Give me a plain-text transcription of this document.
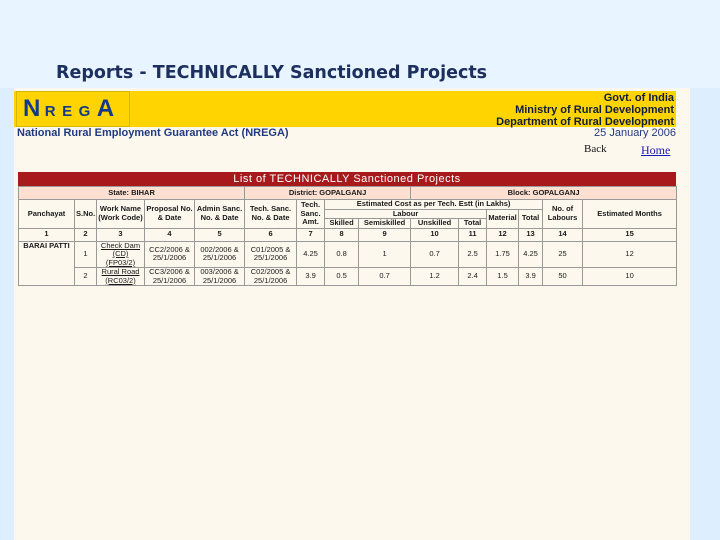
Reports - TECHNICALLY Sanctioned Projects
N R E G A	Govt. of India
Ministry of Rural Development
Department of Rural Development
National Rural Employment Guarantee Act (NREGA)	25 January 2006
Back	Home
List of TECHNICALLY Sanctioned Projects
State: BIHAR					District: GOPALGANJ				Block: GOPALGANJ					
Panchayat	S.No.	Work Name (Work Code)	Proposal No. & Date	Admin Sanc. No. & Date	Tech. Sanc. No. & Date	Tech. Sanc. Amt.	Estimated Cost as per Tech. Estt (in Lakhs)						No. of Labours	Estimated Months
							Labour				Material	Total		
							Skilled	Semiskilled	Unskilled	Total				
1	2	3	4	5	6	7	8	9	10	11	12	13	14	15
BARAI PATTI	1	Check Dam (CD) (FP03/2)	CC2/2006 & 25/1/2006	002/2006 & 25/1/2006	C01/2005 & 25/1/2006	4.25	0.8	1	0.7	2.5	1.75	4.25	25	12
	2	Rural Road (RC03/2)	CC3/2006 & 25/1/2006	003/2006 & 25/1/2006	C02/2005 & 25/1/2006	3.9	0.5	0.7	1.2	2.4	1.5	3.9	50	10
